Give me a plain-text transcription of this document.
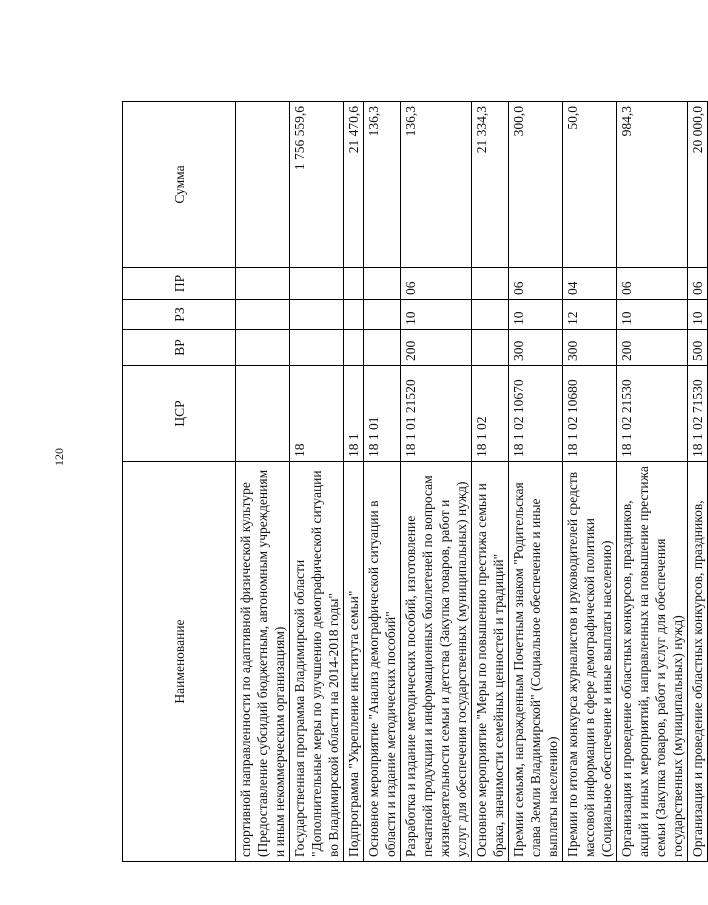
120
Наименование	ЦСР	ВР	РЗ	ПР	Сумма
спортивной направленности по адаптивной физической культуре (Предоставление субсидий бюджетным, автономным учреждениям и иным некоммерческим организациям)					
Государственная программа Владимирской области "Дополнительные меры по улучшению демографической ситуации во Владимирской области на 2014-2018 годы"	18				1 756 559,6
Подпрограмма "Укрепление института семьи"	18 1				21 470,6
Основное мероприятие "Анализ демографической ситуации в области и издание методических пособий"	18 1 01				136,3
Разработка и издание методических пособий, изготовление печатной продукции и информационных бюллетеней по вопросам жизнедеятельности семьи и детства (Закупка товаров, работ и услуг для обеспечения государственных (муниципальных) нужд)	18 1 01 21520	200	10	06	136,3
Основное мероприятие "Меры по повышению престижа семьи и брака, значимости семейных ценностей и традиций"	18 1 02				21 334,3
Премии семьям, награжденным Почетным знаком "Родительская слава Земли Владимирской" (Социальное обеспечение и иные выплаты населению)	18 1 02 10670	300	10	06	300,0
Премии по итогам конкурса журналистов и руководителей средств массовой информации в сфере демографической политики (Социальное обеспечение и иные выплаты населению)	18 1 02 10680	300	12	04	50,0
Организация и проведение областных конкурсов, праздников, акций и иных мероприятий, направленных на повышение престижа семьи (Закупка товаров, работ и услуг для обеспечения государственных (муниципальных) нужд)	18 1 02 21530	200	10	06	984,3
Организация и проведение областных конкурсов, праздников,	18 1 02 71530	500	10	06	20 000,0
